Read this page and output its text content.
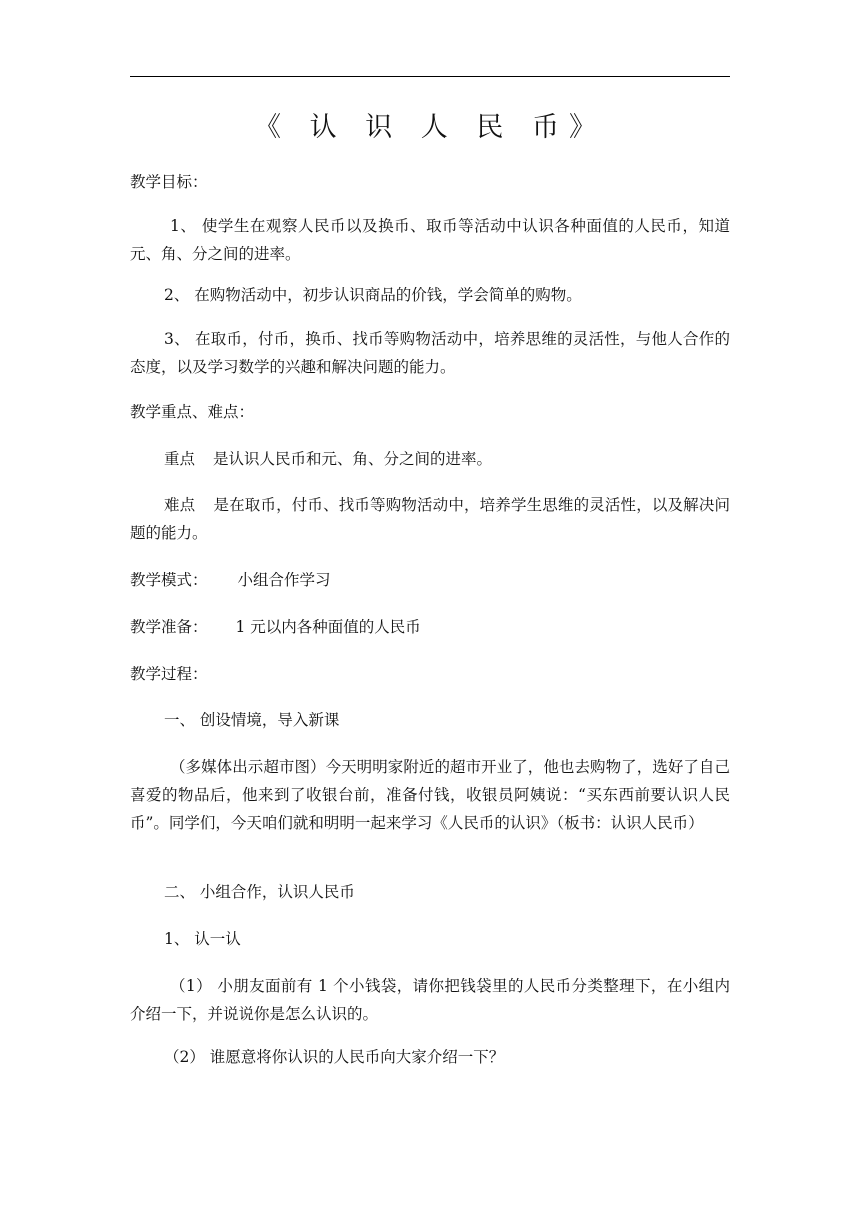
《 认 识 人 民 币》

教学目标：

1、 使学生在观察人民币以及换币、取币等活动中认识各种面值的人民币，知道元、角、分之间的进率。

2、 在购物活动中，初步认识商品的价钱，学会简单的购物。

3、 在取币，付币，换币、找币等购物活动中，培养思维的灵活性，与他人合作的态度，以及学习数学的兴趣和解决问题的能力。

教学重点、难点：

重点 是认识人民币和元、角、分之间的进率。

难点 是在取币，付币、找币等购物活动中，培养学生思维的灵活性，以及解决问题的能力。

教学模式： 小组合作学习

教学准备： 1 元以内各种面值的人民币

教学过程：

一、 创设情境，导入新课

（多媒体出示超市图）今天明明家附近的超市开业了，他也去购物了，选好了自己喜爱的物品后，他来到了收银台前，准备付钱，收银员阿姨说：“买东西前要认识人民币”。同学们，今天咱们就和明明一起来学习《人民币的认识》（板书：认识人民币）

二、 小组合作，认识人民币

1、 认一认

（1） 小朋友面前有 1 个小钱袋，请你把钱袋里的人民币分类整理下，在小组内介绍一下，并说说你是怎么认识的。

（2） 谁愿意将你认识的人民币向大家介绍一下？
